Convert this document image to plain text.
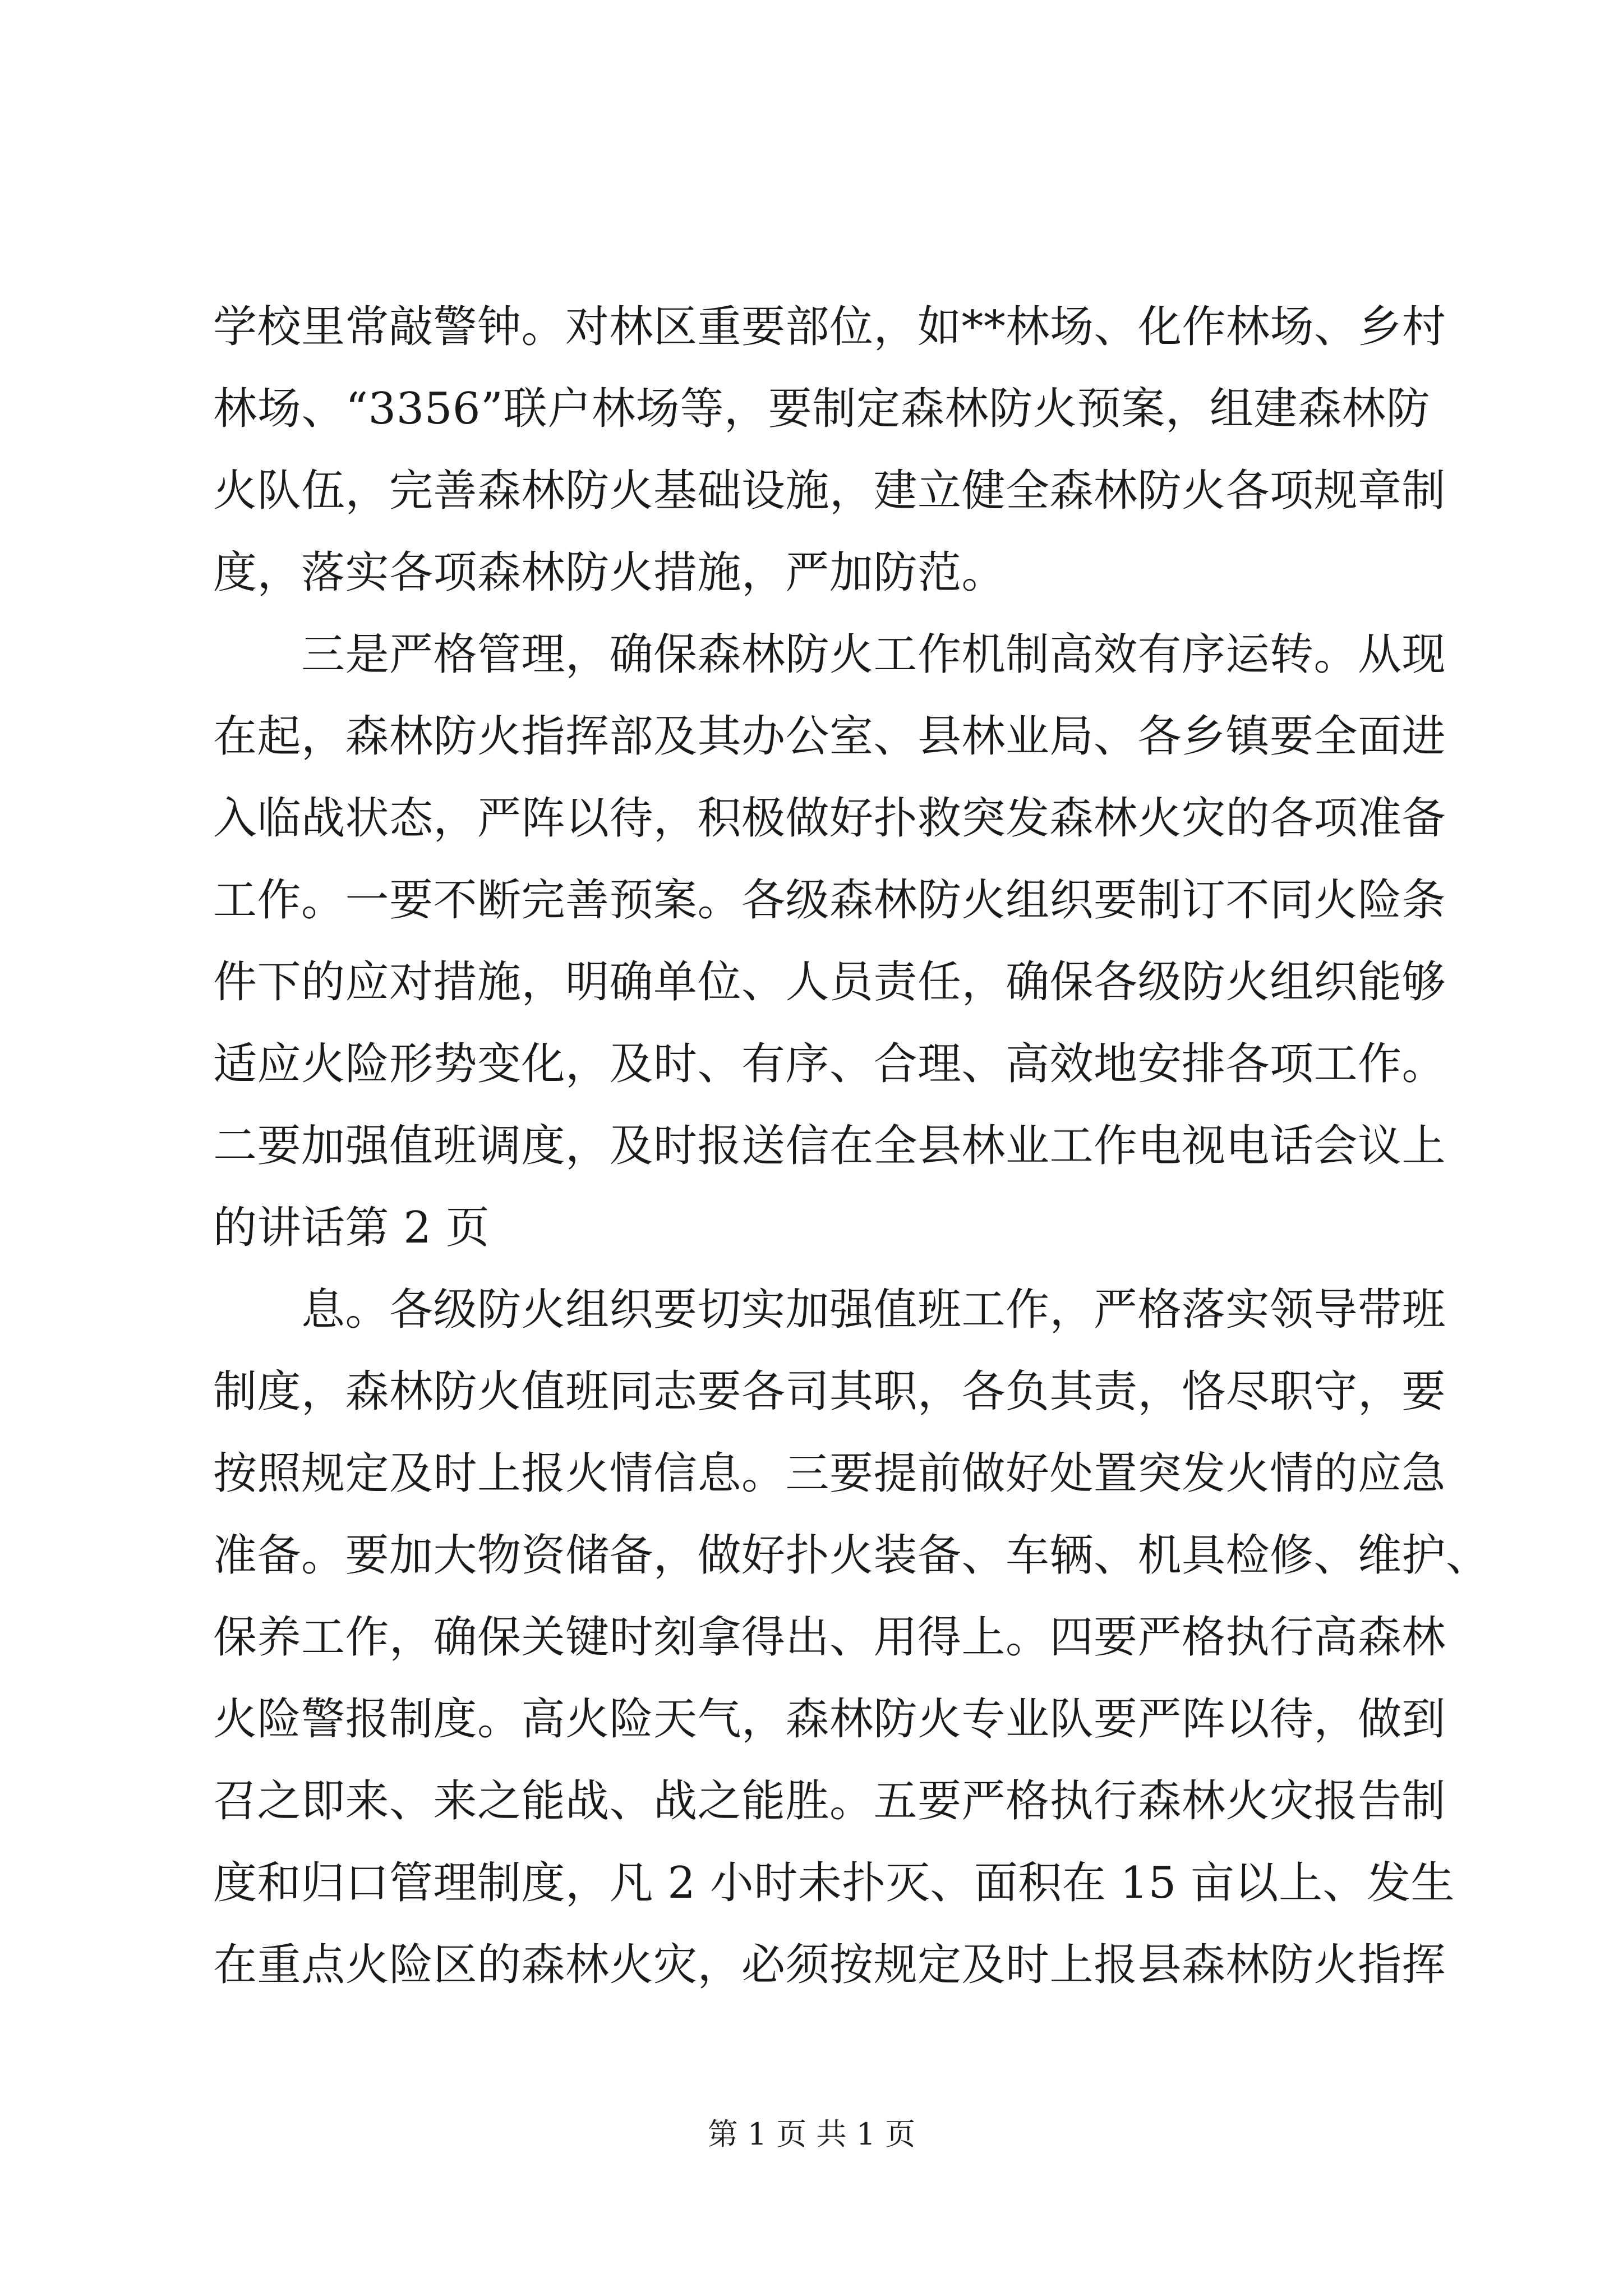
学校里常敲警钟。对林区重要部位，如**林场、化作林场、乡村
林场、“3356”联户林场等，要制定森林防火预案，组建森林防
火队伍，完善森林防火基础设施，建立健全森林防火各项规章制
度，落实各项森林防火措施，严加防范。
　　三是严格管理，确保森林防火工作机制高效有序运转。从现
在起，森林防火指挥部及其办公室、县林业局、各乡镇要全面进
入临战状态，严阵以待，积极做好扑救突发森林火灾的各项准备
工作。一要不断完善预案。各级森林防火组织要制订不同火险条
件下的应对措施，明确单位、人员责任，确保各级防火组织能够
适应火险形势变化，及时、有序、合理、高效地安排各项工作。
二要加强值班调度，及时报送信在全县林业工作电视电话会议上
的讲话第 2 页
　　息。各级防火组织要切实加强值班工作，严格落实领导带班
制度，森林防火值班同志要各司其职，各负其责，恪尽职守，要
按照规定及时上报火情信息。三要提前做好处置突发火情的应急
准备。要加大物资储备，做好扑火装备、车辆、机具检修、维护、
保养工作，确保关键时刻拿得出、用得上。四要严格执行高森林
火险警报制度。高火险天气，森林防火专业队要严阵以待，做到
召之即来、来之能战、战之能胜。五要严格执行森林火灾报告制
度和归口管理制度，凡 2 小时未扑灭、面积在 15 亩以上、发生
在重点火险区的森林火灾，必须按规定及时上报县森林防火指挥
第 1 页 共 1 页
